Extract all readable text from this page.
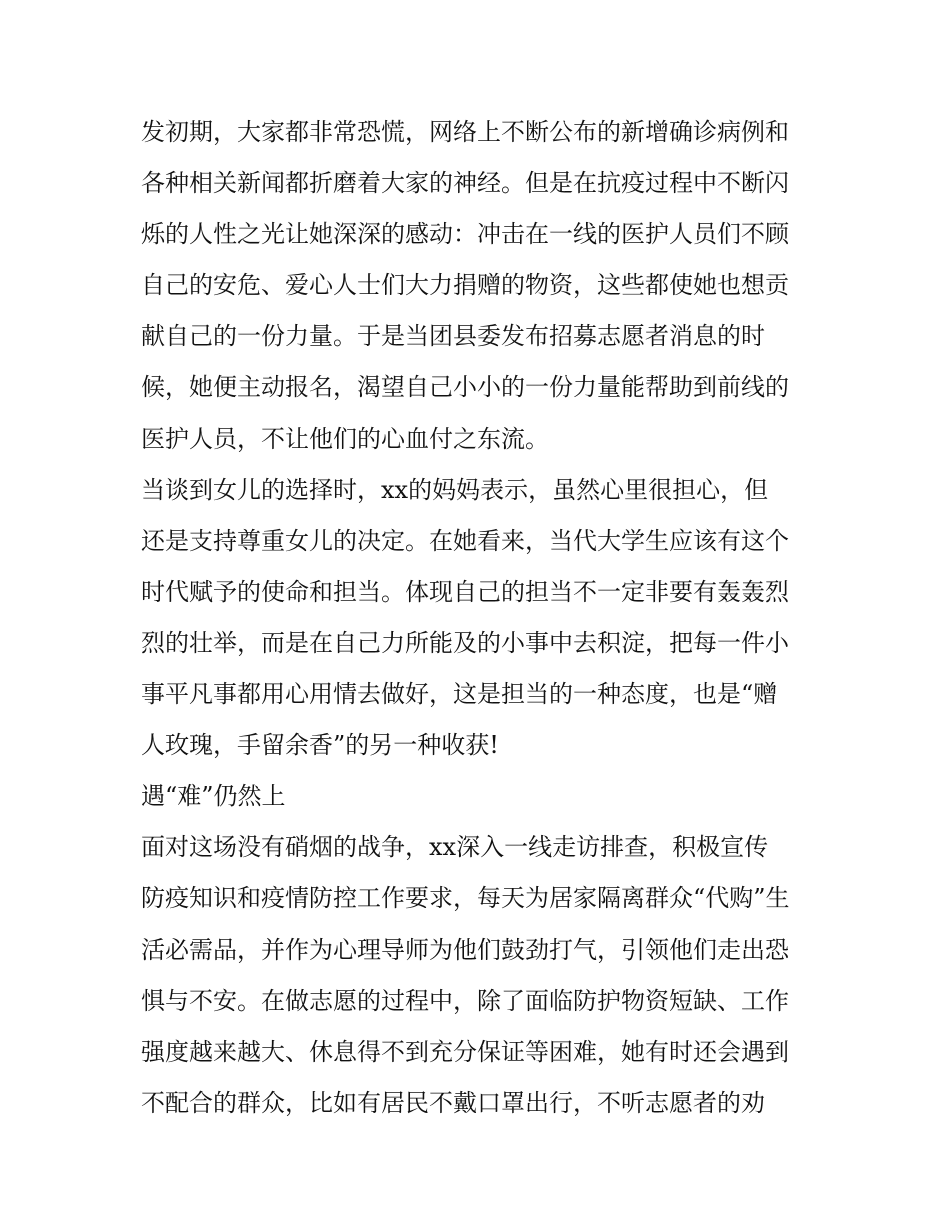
发初期，大家都非常恐慌，网络上不断公布的新增确诊病例和
各种相关新闻都折磨着大家的神经。但是在抗疫过程中不断闪
烁的人性之光让她深深的感动：冲击在一线的医护人员们不顾
自己的安危、爱心人士们大力捐赠的物资，这些都使她也想贡
献自己的一份力量。于是当团县委发布招募志愿者消息的时
候，她便主动报名，渴望自己小小的一份力量能帮助到前线的
医护人员，不让他们的心血付之东流。
当谈到女儿的选择时，xx的妈妈表示，虽然心里很担心，但
还是支持尊重女儿的决定。在她看来，当代大学生应该有这个
时代赋予的使命和担当。体现自己的担当不一定非要有轰轰烈
烈的壮举，而是在自己力所能及的小事中去积淀，把每一件小
事平凡事都用心用情去做好，这是担当的一种态度，也是“赠
人玫瑰，手留余香”的另一种收获!
遇“难”仍然上
面对这场没有硝烟的战争，xx深入一线走访排查，积极宣传
防疫知识和疫情防控工作要求，每天为居家隔离群众“代购”生
活必需品，并作为心理导师为他们鼓劲打气，引领他们走出恐
惧与不安。在做志愿的过程中，除了面临防护物资短缺、工作
强度越来越大、休息得不到充分保证等困难，她有时还会遇到
不配合的群众，比如有居民不戴口罩出行，不听志愿者的劝
